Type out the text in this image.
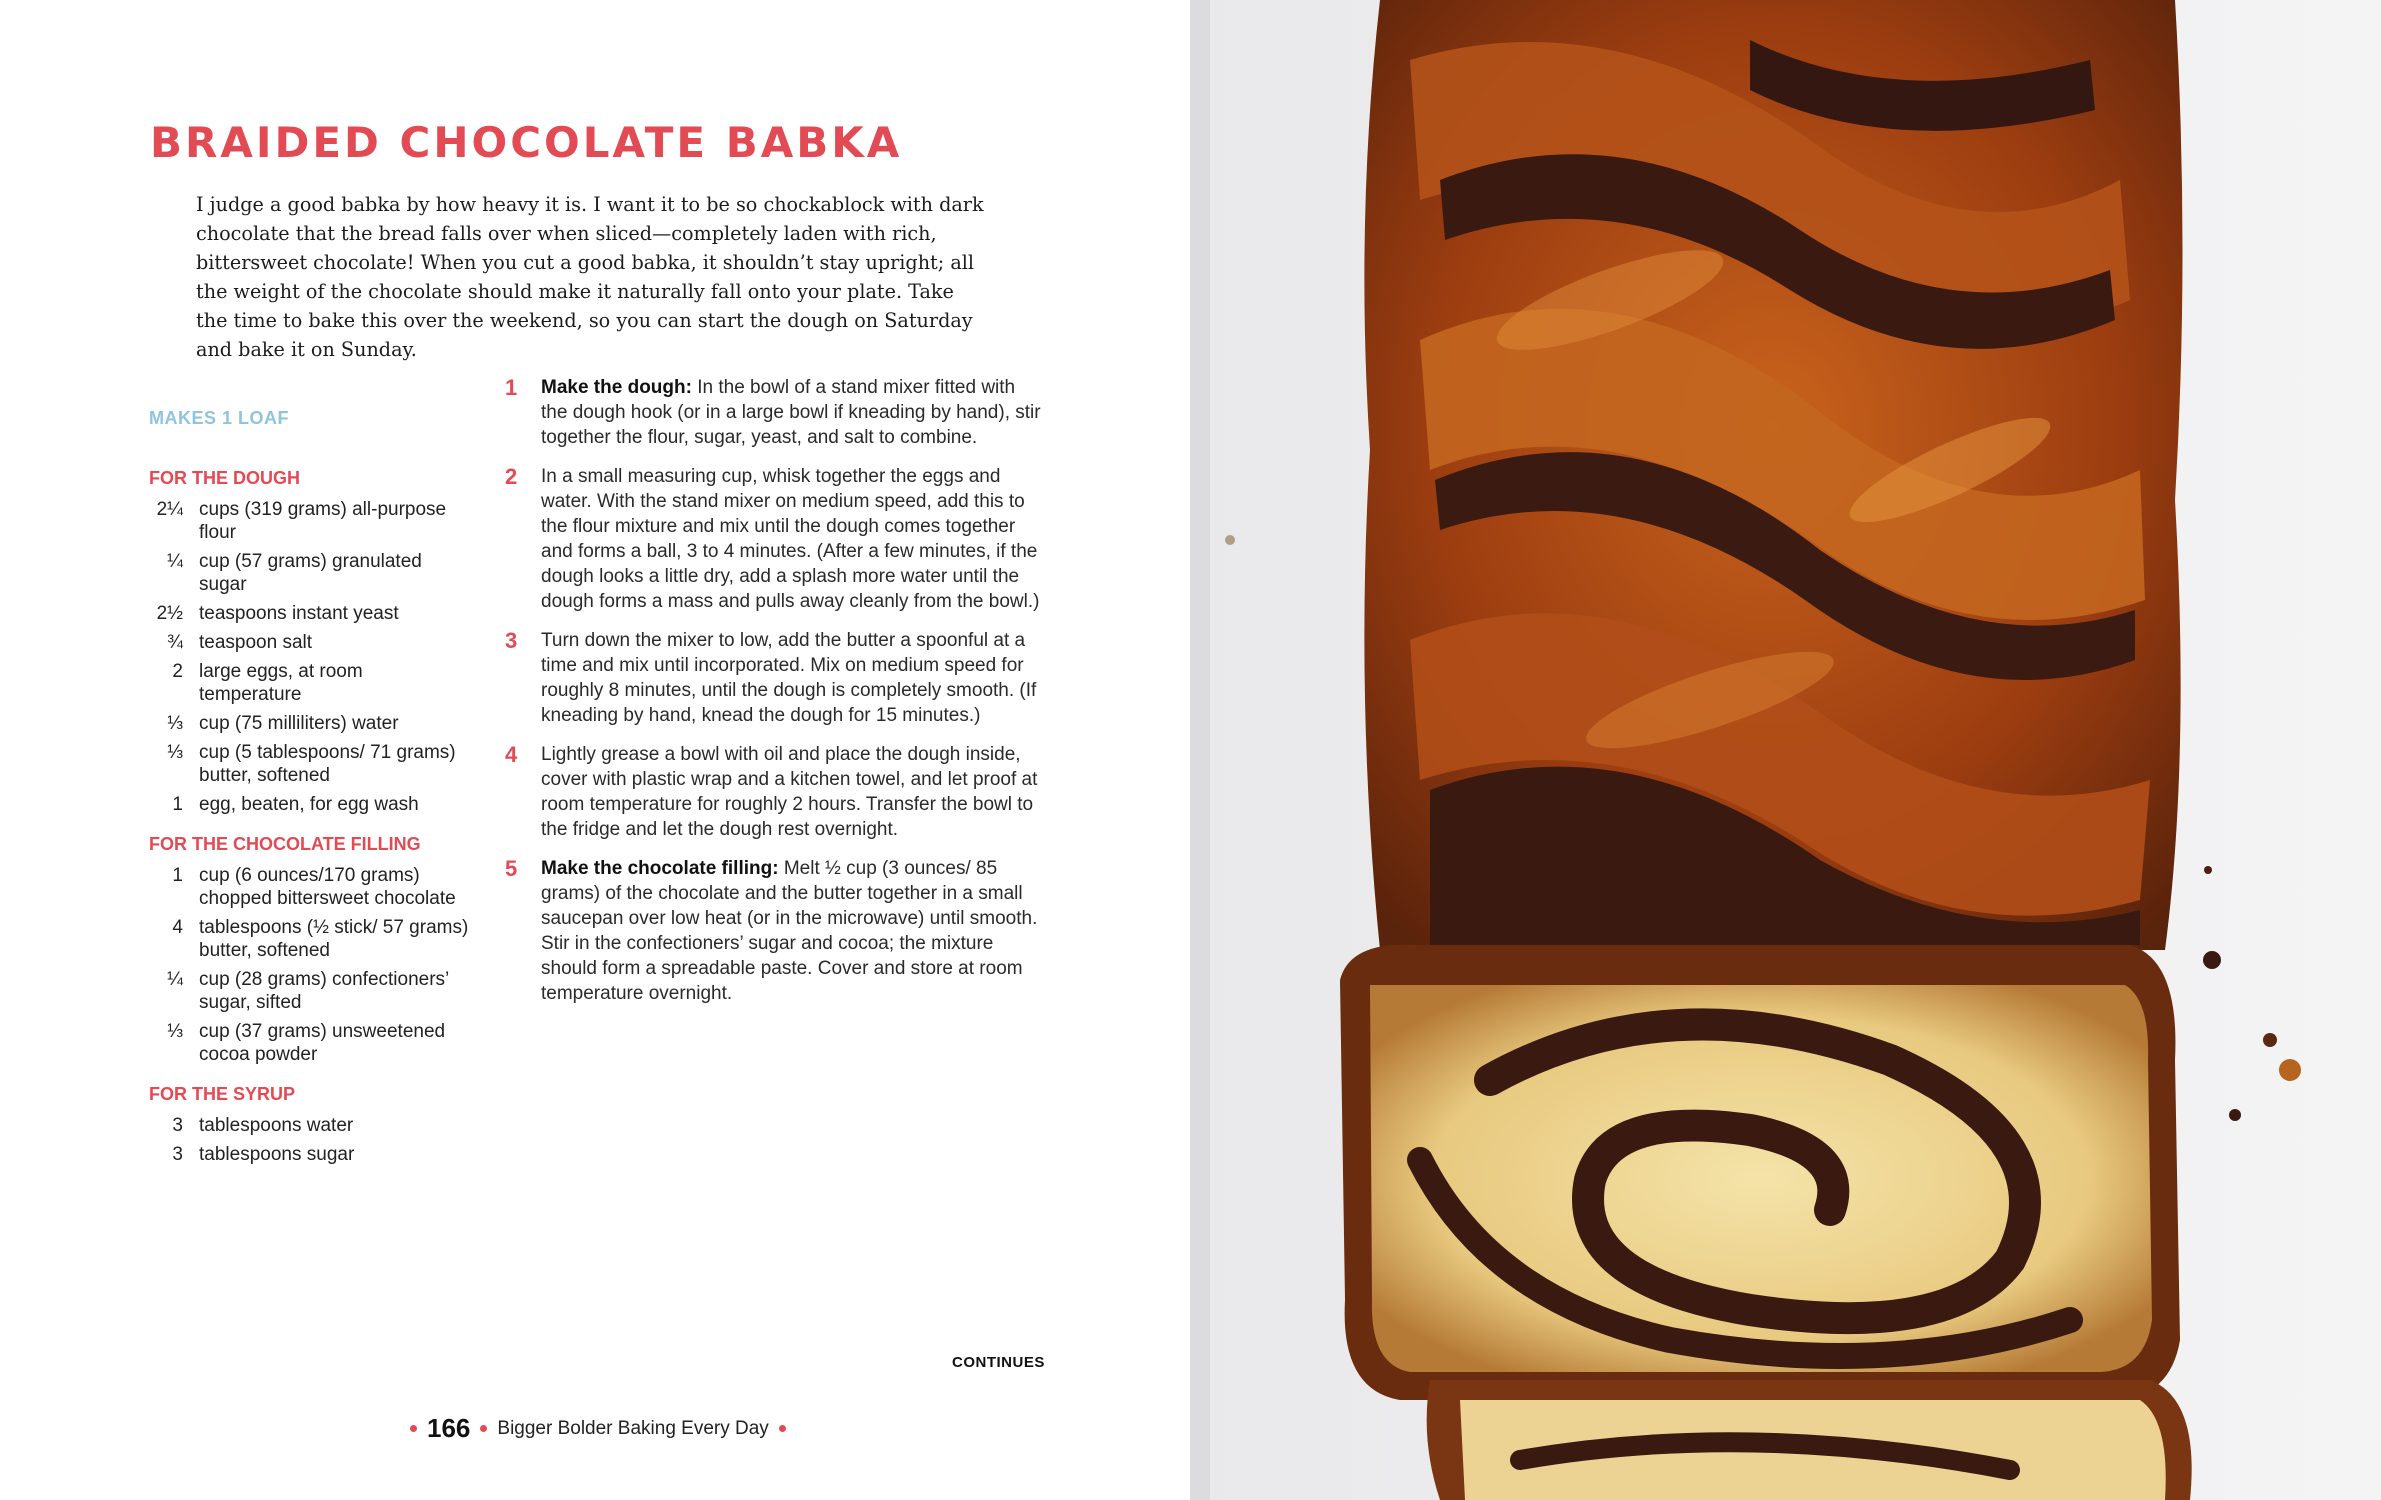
BRAIDED CHOCOLATE BABKA

I judge a good babka by how heavy it is. I want it to be so chockablock with dark chocolate that the bread falls over when sliced—completely laden with rich, bittersweet chocolate! When you cut a good babka, it shouldn’t stay upright; all the weight of the chocolate should make it naturally fall onto your plate. Take the time to bake this over the weekend, so you can start the dough on Saturday and bake it on Sunday.

MAKES 1 LOAF
FOR THE DOUGH
2¼ cups (319 grams) all-purpose flour
¼ cup (57 grams) granulated sugar
2½ teaspoons instant yeast
¾ teaspoon salt
2 large eggs, at room temperature
⅓ cup (75 milliliters) water
⅓ cup (5 tablespoons/ 71 grams) butter, softened
1 egg, beaten, for egg wash
FOR THE CHOCOLATE FILLING
1 cup (6 ounces/170 grams) chopped bittersweet chocolate
4 tablespoons (½ stick/ 57 grams) butter, softened
¼ cup (28 grams) confectioners’ sugar, sifted
⅓ cup (37 grams) unsweetened cocoa powder
FOR THE SYRUP
3 tablespoons water
3 tablespoons sugar
1	Make the dough: In the bowl of a stand mixer fitted with the dough hook (or in a large bowl if kneading by hand), stir together the flour, sugar, yeast, and salt to combine.
2	In a small measuring cup, whisk together the eggs and water. With the stand mixer on medium speed, add this to the flour mixture and mix until the dough comes together and forms a ball, 3 to 4 minutes. (After a few minutes, if the dough looks a little dry, add a splash more water until the dough forms a mass and pulls away cleanly from the bowl.)
3	Turn down the mixer to low, add the butter a spoonful at a time and mix until incorporated. Mix on medium speed for roughly 8 minutes, until the dough is completely smooth. (If kneading by hand, knead the dough for 15 minutes.)
4	Lightly grease a bowl with oil and place the dough inside, cover with plastic wrap and a kitchen towel, and let proof at room temperature for roughly 2 hours. Transfer the bowl to the fridge and let the dough rest overnight.
5	Make the chocolate filling: Melt ½ cup (3 ounces/ 85 grams) of the chocolate and the butter together in a small saucepan over low heat (or in the microwave) until smooth. Stir in the confectioners’ sugar and cocoa; the mixture should form a spreadable paste. Cover and store at room temperature overnight.
CONTINUES
166 Bigger Bolder Baking Every Day
